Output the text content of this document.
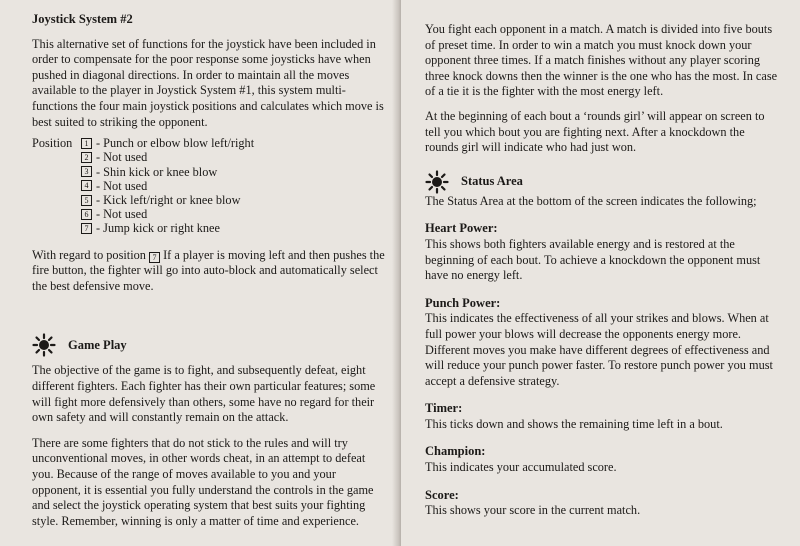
Joystick System #2

This alternative set of functions for the joystick have been included in order to compensate for the poor response some joysticks have when pushed in diagonal directions. In order to maintain all the moves available to the player in Joystick System #1, this system multi-functions the four main joystick positions and calculates which move is best suited to striking the opponent.

Position	1 - Punch or elbow blow left/right
2 - Not used
3 - Shin kick or knee blow
4 - Not used
5 - Kick left/right or knee blow
6 - Not used
7 - Jump kick or right knee

With regard to position 7 If a player is moving left and then pushes the fire button, the fighter will go into auto-block and automatically select the best defensive move.

Game Play

The objective of the game is to fight, and subsequently defeat, eight different fighters. Each fighter has their own particular features; some will fight more defensively than others, some have no regard for their own safety and will constantly remain on the attack.

There are some fighters that do not stick to the rules and will try unconventional moves, in other words cheat, in an attempt to defeat you. Because of the range of moves available to you and your opponent, it is essential you fully understand the controls in the game and select the joystick operating system that best suits your fighting style. Remember, winning is only a matter of time and experience.

You fight each opponent in a match. A match is divided into five bouts of preset time. In order to win a match you must knock down your opponent three times. If a match finishes without any player scoring three knock downs then the winner is the one who has the most. In case of a tie it is the fighter with the most energy left.

At the beginning of each bout a ‘rounds girl’ will appear on screen to tell you which bout you are fighting next. After a knockdown the rounds girl will indicate who had just won.

Status Area

The Status Area at the bottom of the screen indicates the following;

Heart Power:

This shows both fighters available energy and is restored at the beginning of each bout. To achieve a knockdown the opponent must have no energy left.

Punch Power:

This indicates the effectiveness of all your strikes and blows. When at full power your blows will decrease the opponents energy more. Different moves you make have different degrees of effectiveness and will reduce your punch power faster. To restore punch power you must accept a defensive strategy.

Timer:

This ticks down and shows the remaining time left in a bout.

Champion:

This indicates your accumulated score.

Score:

This shows your score in the current match.
